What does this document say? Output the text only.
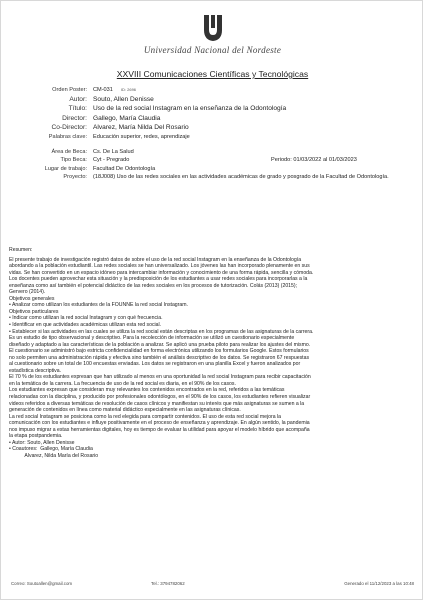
Universidad Nacional del Nordeste
XXVIII Comunicaciones Científicas y Tecnológicas
Orden Poster: CM-031 ID: 2696
Autor: Souto, Allen Denisse
Título: Uso de la red social Instagram en la enseñanza de la Odontología
Director: Gallego, María Claudia
Co-Director: Alvarez, María Nilda Del Rosario
Palabras clave: Educación superior, redes, aprendizaje
Área de Beca: Cs. De La Salud
Tipo Beca: Cyt - Pregrado	Periodo: 01/03/2022 al 01/03/2023
Lugar de trabajo: Facultad De Odontología
Proyecto: (18J008) Uso de las redes sociales en las actividades académicas de grado y posgrado de la Facultad de Odontología.

Resumen:

El presente trabajo de investigación registró datos de sobre el uso de la red social Instagram en la enseñanza de la Odontología

abordando a la población estudiantil. Las redes sociales se han universalizado. Los jóvenes las han incorporado plenamente en sus

vidas. Se han convertido en un espacio idóneo para intercambiar información y conocimiento de una forma rápida, sencilla y cómoda.

Los docentes pueden aprovechar esta situación y la predisposición de los estudiantes a usar redes sociales para incorporarlas a la

enseñanza como así también el potencial didáctico de las redes sociales en los procesos de tutorización. Colás (2013) (2015);

Gervero (2014).

Objetivos generales

• Analizar como utilizan los estudiantes de la FOUNNE la red social Instagram.

Objetivos particulares

• Indicar como utilizan la red social Instagram y con qué frecuencia.

• Identificar en que actividades académicas utilizan esta red social.

• Establecer si las actividades en las cuales se utiliza la red social están descriptas en los programas de las asignaturas de la carrera.

Es un estudio de tipo observacional y descriptivo. Para la recolección de información se utilizó un cuestionario especialmente

diseñado y adaptado a las características de la población a analizar. Se aplicó una prueba piloto para realizar los ajustes del mismo.

El cuestionario se administró bajo estricta confidencialidad en forma electrónica utilizando los formularios Google. Estos formularios

no solo permiten una administración rápida y efectiva sino también el análisis descriptivo de los datos. Se registraron 67 respuestas

al cuestionario sobre un total de 100 encuestas enviadas. Los datos se registraron en una planilla Excel y fueron analizados por

estadística descriptiva.

El 70 % de los estudiantes expresan que han utilizado al menos en una oportunidad la red social Instagram para recibir capacitación

en la temática de la carrera. La frecuencia de uso de la red social es diaria, en el 90% de los casos.

Los estudiantes expresan que consideran muy relevantes los contenidos encontrados en la red, referidos a las temáticas

relacionadas con la disciplina, y producido por profesionales odontólogos, en el 90% de los casos, los estudiantes refieren visualizar

videos referidos a diversas temáticas de resolución de casos clínicos y manifiestan su interés que más asignaturas se sumen a la

generación de contenidos en línea como material didáctico especialmente en las asignaturas clínicas.

La red social Instagram se posiciona como la red elegida para compartir contenidos. El uso de esta red social mejora la

comunicación con los estudiantes e influye positivamente en el proceso de enseñanza y aprendizaje. En algún sentido, la pandemia

nos impuso migrar a estas herramientas digitales, hoy es tiempo de evaluar la utilidad para apoyar el modelo híbrido que acompaña

la etapa postpandemia.

• Autor: Souto, Allen Denisse

• Coautores:  Gallego, María Claudia

Alvarez, Nilda María del Rosario

Correo: Soutoallen@gmail.com	Tel.: 3794782062	Generado el 11/12/2023 a las 10:48
